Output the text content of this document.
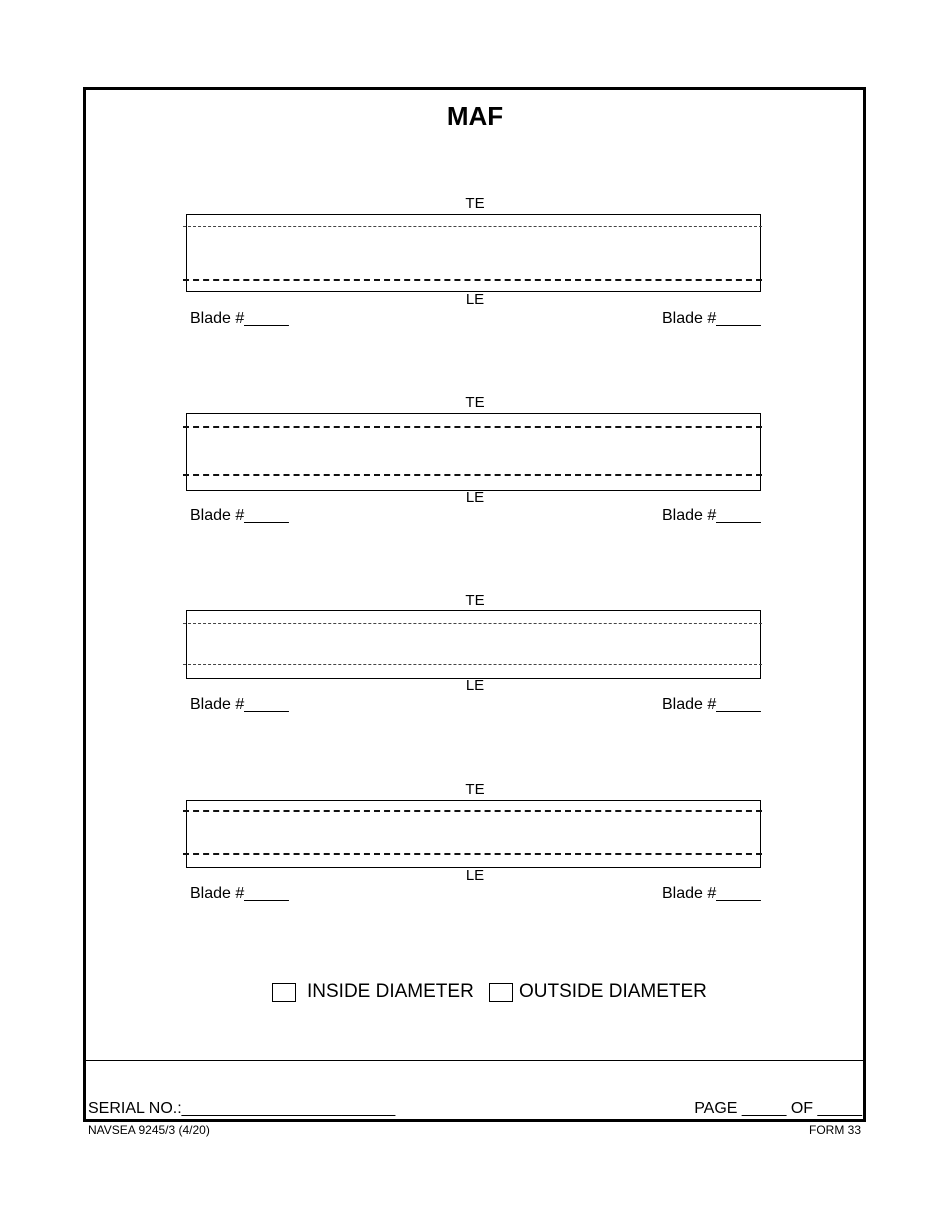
MAF
TE
LE
Blade #_____	Blade #_____
TE
LE
Blade #_____	Blade #_____
TE
LE
Blade #_____	Blade #_____
TE
LE
Blade #_____	Blade #_____
INSIDE DIAMETER OUTSIDE DIAMETER
SERIAL NO.:________________________	PAGE _____ OF _____
NAVSEA 9245/3 (4/20)	FORM 33
